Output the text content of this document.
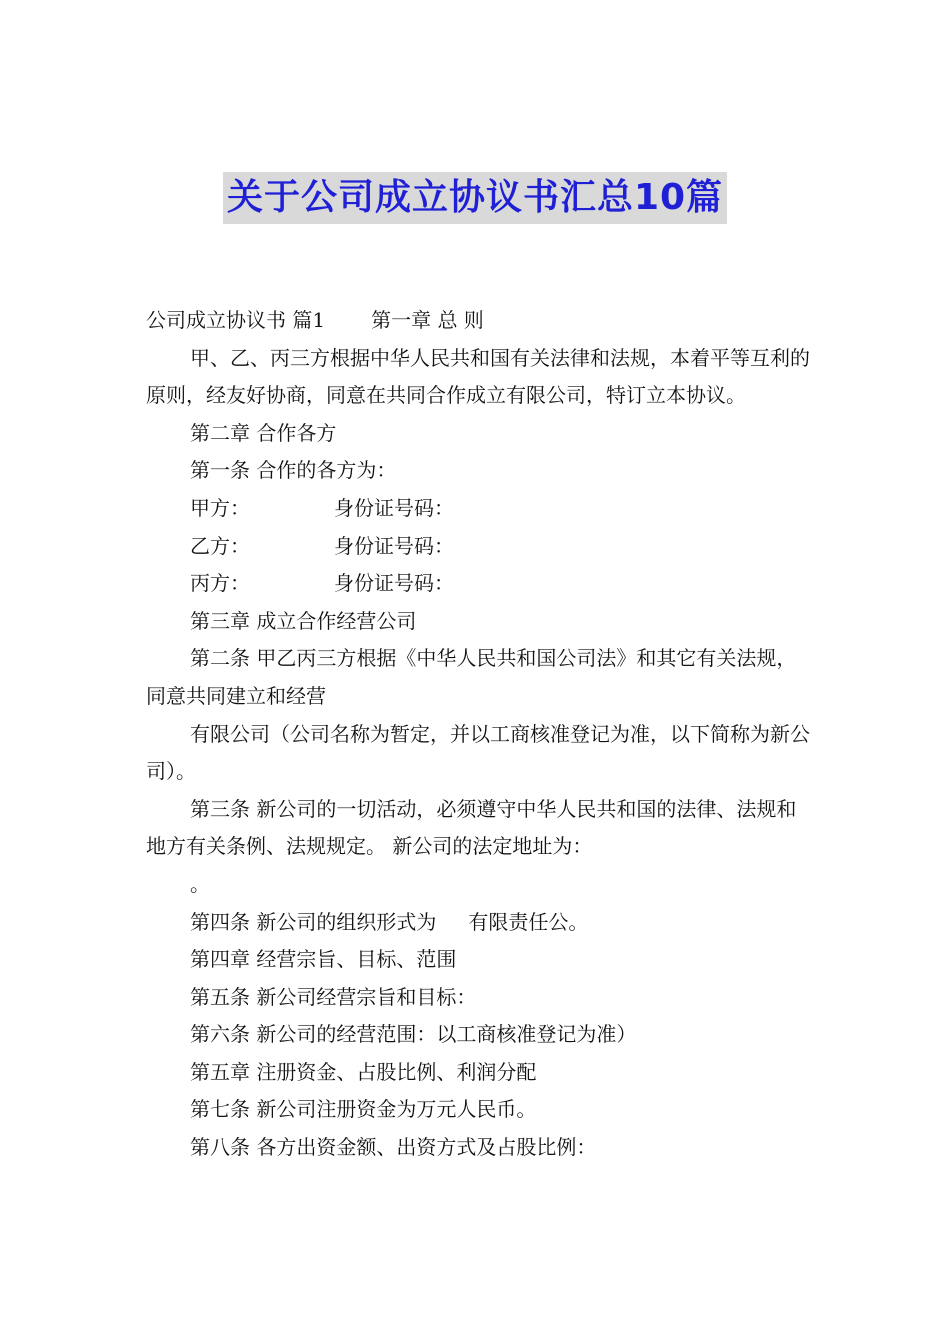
关于公司成立协议书汇总10篇

公司成立协议书 篇1 第一章 总 则

甲、乙、丙三方根据中华人民共和国有关法律和法规，本着平等互利的原则，经友好协商，同意在共同合作成立有限公司，特订立本协议。

第二章 合作各方

第一条 合作的各方为：

甲方：	身份证号码：

乙方：	身份证号码：

丙方：	身份证号码：

第三章 成立合作经营公司

第二条 甲乙丙三方根据《中华人民共和国公司法》和其它有关法规，同意共同建立和经营

有限公司（公司名称为暂定，并以工商核准登记为准，以下简称为新公司）。

第三条 新公司的一切活动，必须遵守中华人民共和国的法律、法规和地方有关条例、法规规定。 新公司的法定地址为：

。

第四条 新公司的组织形式为 有限责任公。

第四章 经营宗旨、目标、范围

第五条 新公司经营宗旨和目标：

第六条 新公司的经营范围：以工商核准登记为准）

第五章 注册资金、占股比例、利润分配

第七条 新公司注册资金为万元人民币。

第八条 各方出资金额、出资方式及占股比例：
